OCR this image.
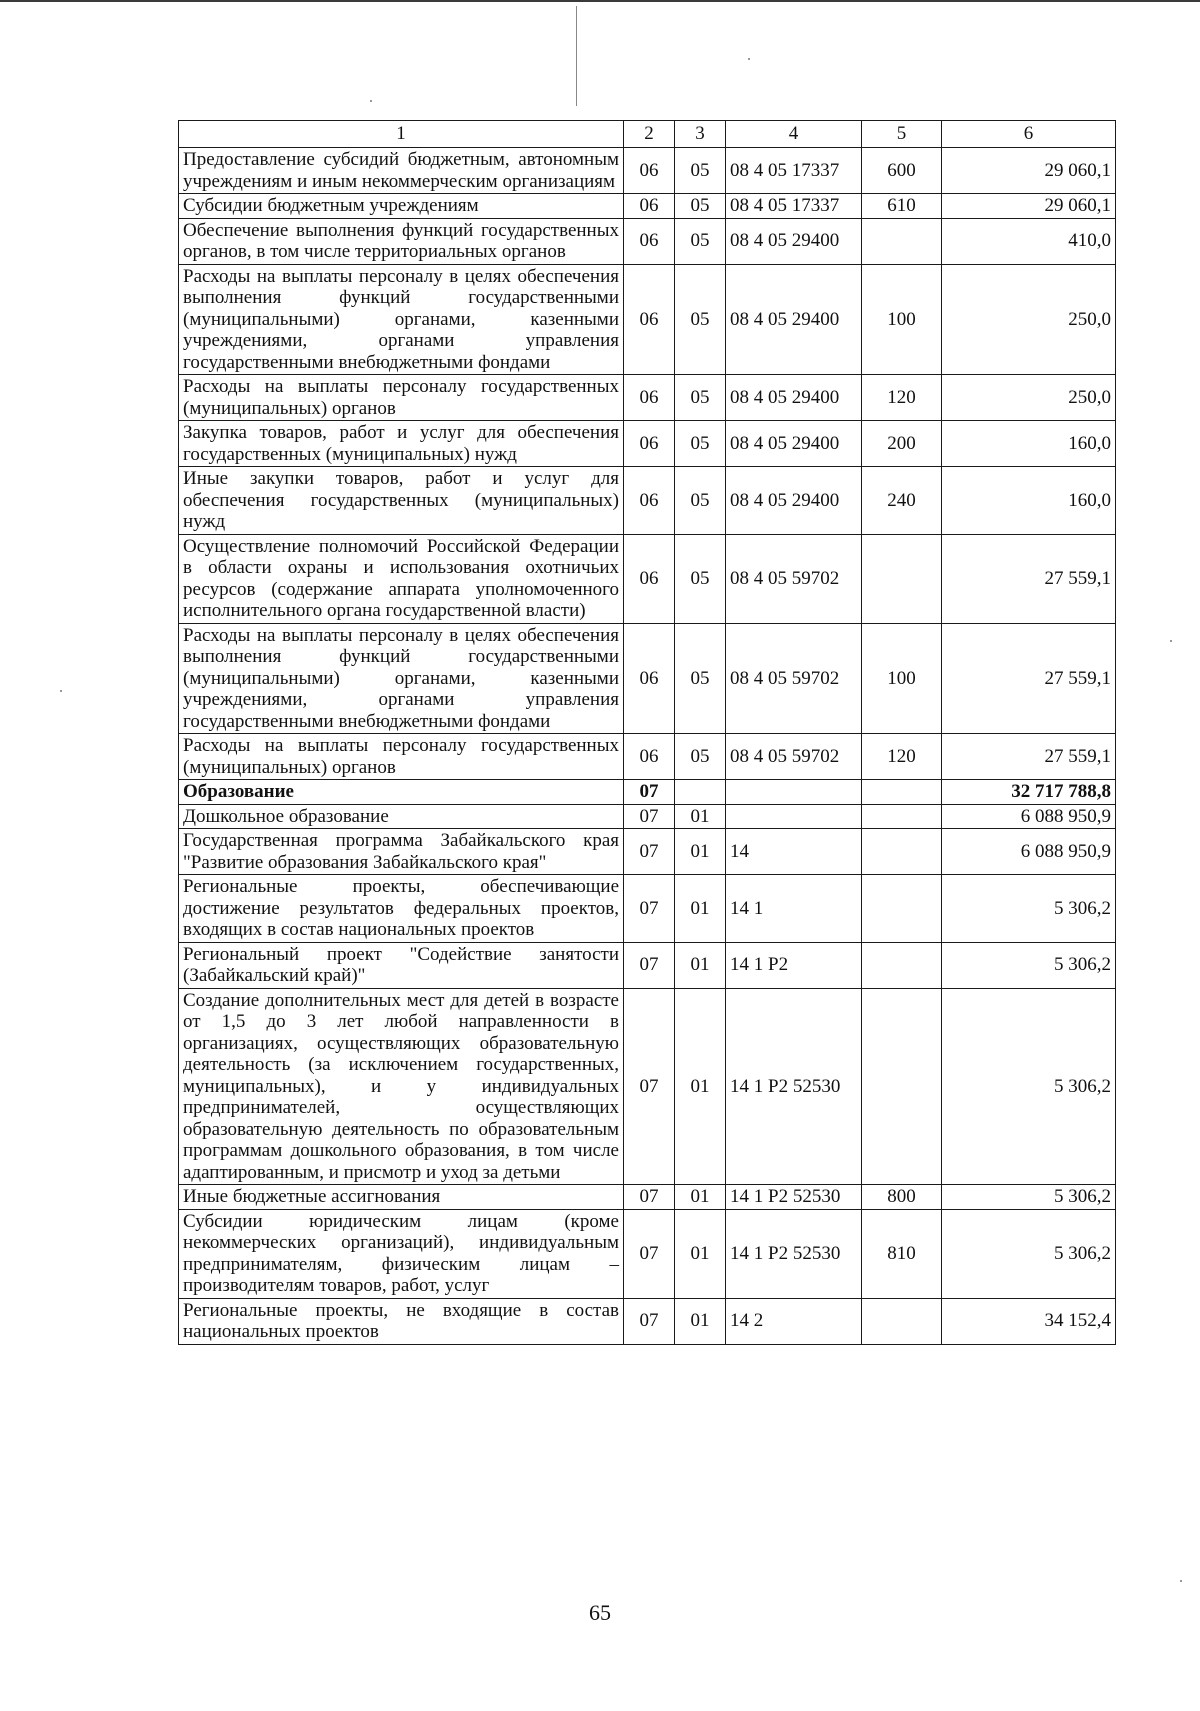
1	2	3	4	5	6
Предоставление субсидий бюджетным, автономным учреждениям и иным некоммерческим организациям	06	05	08 4 05 17337	600	29 060,1
Субсидии бюджетным учреждениям	06	05	08 4 05 17337	610	29 060,1
Обеспечение выполнения функций государственных органов, в том числе территориальных органов	06	05	08 4 05 29400		410,0
Расходы на выплаты персоналу в целях обеспечения выполнения функций государственными (муниципальными) органами, казенными учреждениями, органами управления государственными внебюджетными фондами	06	05	08 4 05 29400	100	250,0
Расходы на выплаты персоналу государственных (муниципальных) органов	06	05	08 4 05 29400	120	250,0
Закупка товаров, работ и услуг для обеспечения государственных (муниципальных) нужд	06	05	08 4 05 29400	200	160,0
Иные закупки товаров, работ и услуг для обеспечения государственных (муниципальных) нужд	06	05	08 4 05 29400	240	160,0
Осуществление полномочий Российской Федерации в области охраны и использования охотничьих ресурсов (содержание аппарата уполномоченного исполнительного органа государственной власти)	06	05	08 4 05 59702		27 559,1
Расходы на выплаты персоналу в целях обеспечения выполнения функций государственными (муниципальными) органами, казенными учреждениями, органами управления государственными внебюджетными фондами	06	05	08 4 05 59702	100	27 559,1
Расходы на выплаты персоналу государственных (муниципальных) органов	06	05	08 4 05 59702	120	27 559,1
Образование	07				32 717 788,8
Дошкольное образование	07	01			6 088 950,9
Государственная программа Забайкальского края "Развитие образования Забайкальского края"	07	01	14		6 088 950,9
Региональные проекты, обеспечивающие достижение результатов федеральных проектов, входящих в состав национальных проектов	07	01	14 1		5 306,2
Региональный проект "Содействие занятости (Забайкальский край)"	07	01	14 1 P2		5 306,2
Создание дополнительных мест для детей в возрасте от 1,5 до 3 лет любой направленности в организациях, осуществляющих образовательную деятельность (за исключением государственных, муниципальных), и у индивидуальных предпринимателей, осуществляющих образовательную деятельность по образовательным программам дошкольного образования, в том числе адаптированным, и присмотр и уход за детьми	07	01	14 1 P2 52530		5 306,2
Иные бюджетные ассигнования	07	01	14 1 P2 52530	800	5 306,2
Субсидии юридическим лицам (кроме некоммерческих организаций), индивидуальным предпринимателям, физическим лицам – производителям товаров, работ, услуг	07	01	14 1 P2 52530	810	5 306,2
Региональные проекты, не входящие в состав национальных проектов	07	01	14 2		34 152,4
65
